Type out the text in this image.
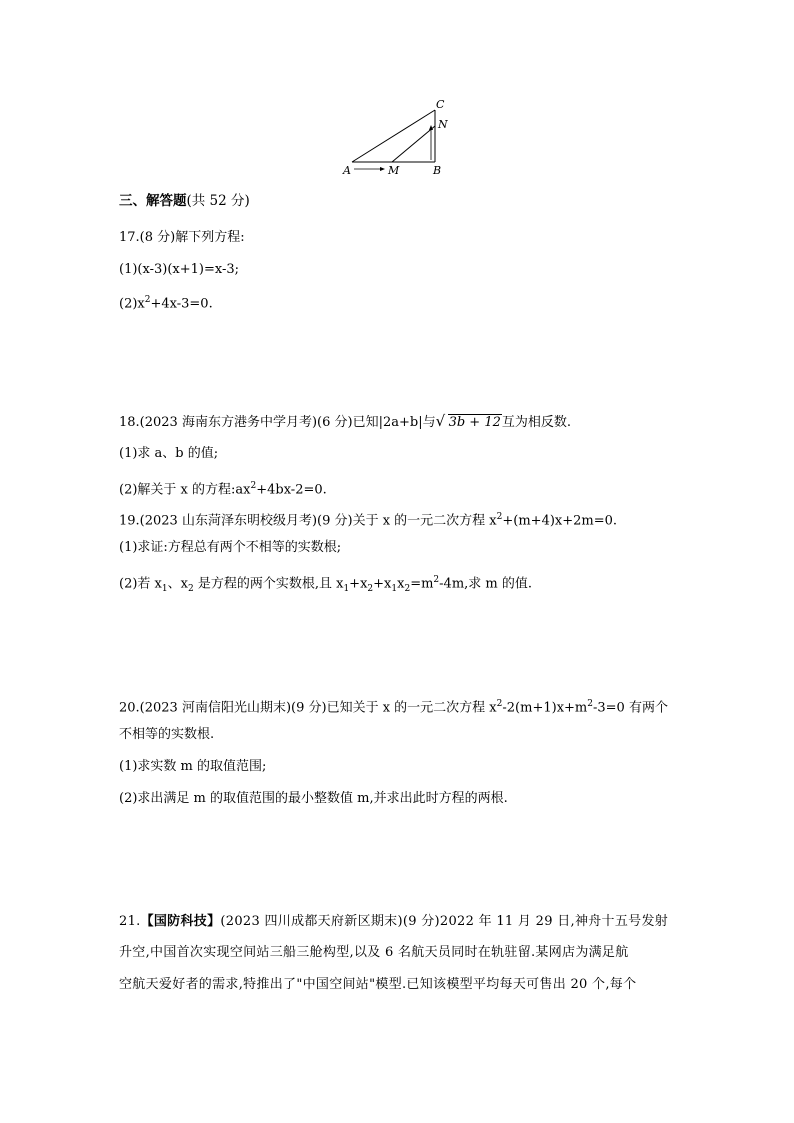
A	M	B
C
N
三、解答题(共 52 分)
17.(8 分)解下列方程:
(1)(x-3)(x+1)=x-3;
$(2)x^2+4x-3=0$.
18.(2023 海南东方港务中学月考)(6 分)已知|2a+b|与 √ 3b + 12互为相反数.
(1)求 a、b 的值;
(2)解关于 x 的方程$:ax^2+4bx-2=0$.
19.(2023 山东菏泽东明校级月考)(9 分)关于 x 的一元二次方程 $x^2+(m+4)x+2m=0$.
(1)求证:方程总有两个不相等的实数根;
(2)若 $x_1$、$x_2$ 是方程的两个实数根,且 $x_1+x_2+x_1x_2=m^2-4m$,求 m 的值.
20.(2023 河南信阳光山期末)(9 分)已知关于 x 的一元二次方程 $x^2-2(m+1)x+m^2-3=0$ 有两个
不相等的实数根.
(1)求实数 m 的取值范围;
(2)求出满足 m 的取值范围的最小整数值 m,并求出此时方程的两根.
21.【国防科技】(2023 四川成都天府新区期末)(9 分)2022 年 11 月 29 日,神舟十五号发射
升空,中国首次实现空间站三船三舱构型,以及 6 名航天员同时在轨驻留.某网店为满足航
空航天爱好者的需求,特推出了"中国空间站"模型.已知该模型平均每天可售出 20 个,每个
